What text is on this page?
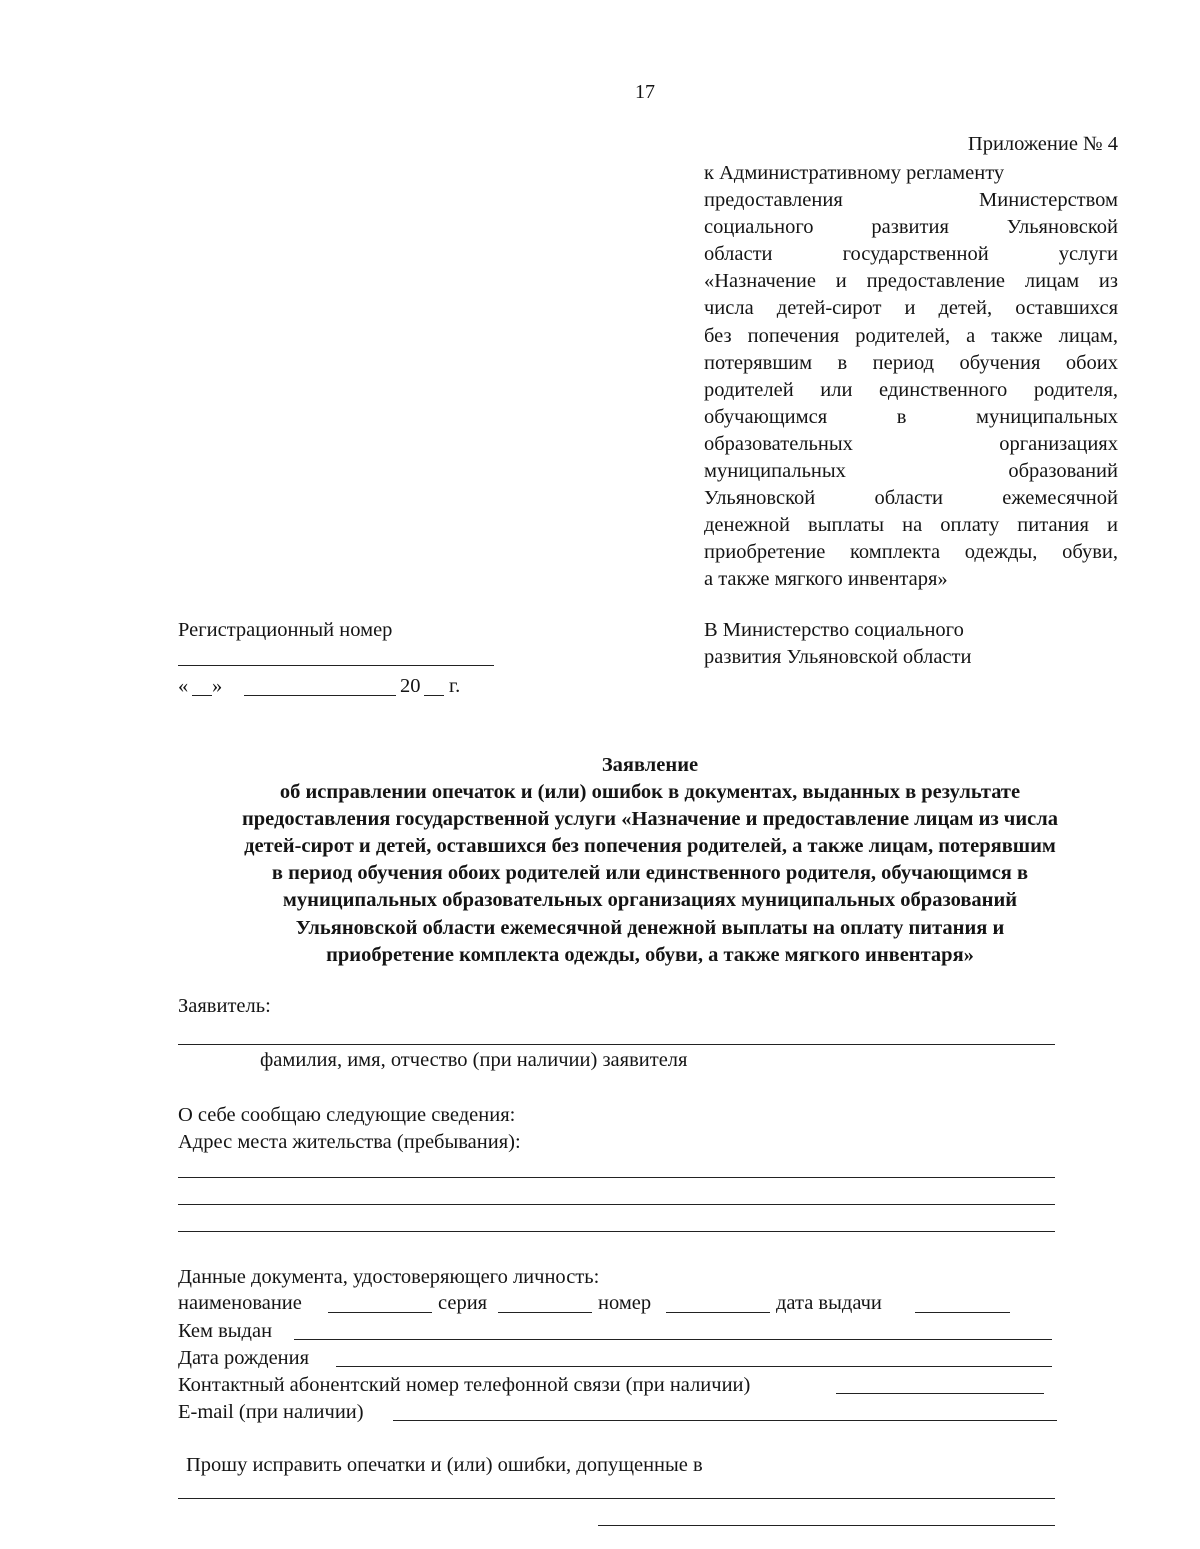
17
Приложение № 4
к Административному регламенту
предоставления Министерством
социального развития Ульяновской
области государственной услуги
«Назначение и предоставление лицам из
числа детей-сирот и детей, оставшихся
без попечения родителей, а также лицам,
потерявшим в период обучения обоих
родителей или единственного родителя,
обучающимся в муниципальных
образовательных организациях
муниципальных образований
Ульяновской области ежемесячной
денежной выплаты на оплату питания и
приобретение комплекта одежды, обуви,
а также мягкого инвентаря»
Регистрационный номер
« »	20 г.
В Министерство социального
развития Ульяновской области
Заявление
об исправлении опечаток и (или) ошибок в документах, выданных в результате
предоставления государственной услуги «Назначение и предоставление лицам из числа
детей-сирот и детей, оставшихся без попечения родителей, а также лицам, потерявшим
в период обучения обоих родителей или единственного родителя, обучающимся в
муниципальных образовательных организациях муниципальных образований
Ульяновской области ежемесячной денежной выплаты на оплату питания и
приобретение комплекта одежды, обуви, а также мягкого инвентаря»
Заявитель:
фамилия, имя, отчество (при наличии) заявителя
О себе сообщаю следующие сведения:
Адрес места жительства (пребывания):
Данные документа, удостоверяющего личность:
наименование	серия	номер	дата выдачи
Кем выдан
Дата рождения
Контактный абонентский номер телефонной связи (при наличии)
E-mail (при наличии)
Прошу исправить опечатки и (или) ошибки, допущенные в
